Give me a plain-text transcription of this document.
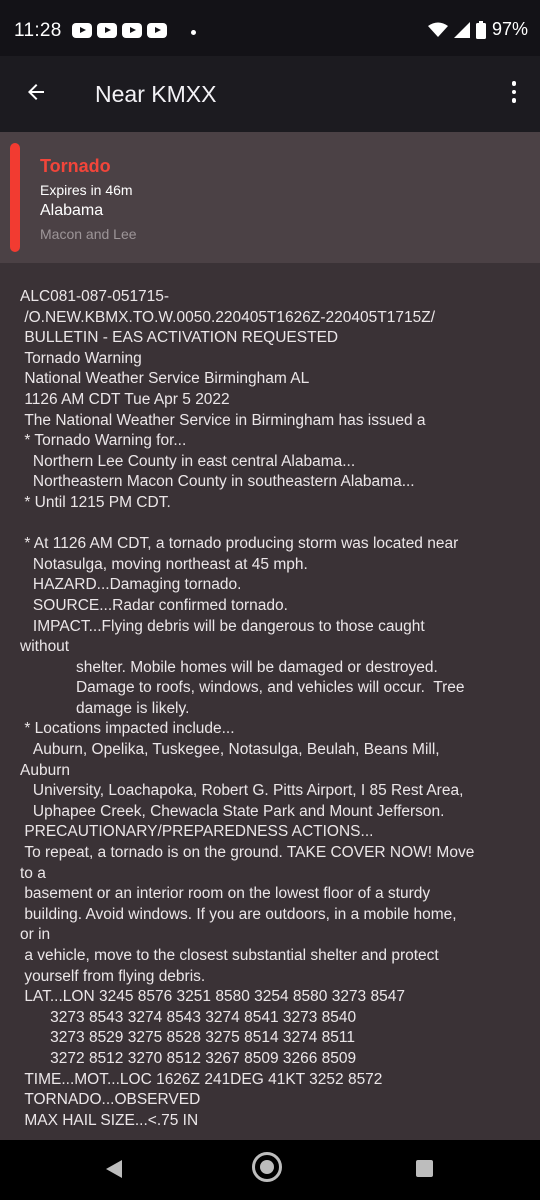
11:28	97%
Near KMXX
Tornado
Expires in 46m
Alabama
Macon and Lee
ALC081-087-051715-
/O.NEW.KBMX.TO.W.0050.220405T1626Z-220405T1715Z/
BULLETIN - EAS ACTIVATION REQUESTED
Tornado Warning
National Weather Service Birmingham AL
1126 AM CDT Tue Apr 5 2022
The National Weather Service in Birmingham has issued a
* Tornado Warning for...
Northern Lee County in east central Alabama...
Northeastern Macon County in southeastern Alabama...
* Until 1215 PM CDT.

* At 1126 AM CDT, a tornado producing storm was located near
Notasulga, moving northeast at 45 mph.
HAZARD...Damaging tornado.
SOURCE...Radar confirmed tornado.
IMPACT...Flying debris will be dangerous to those caught
without
shelter. Mobile homes will be damaged or destroyed.
Damage to roofs, windows, and vehicles will occur.  Tree
damage is likely.
* Locations impacted include...
Auburn, Opelika, Tuskegee, Notasulga, Beulah, Beans Mill,
Auburn
University, Loachapoka, Robert G. Pitts Airport, I 85 Rest Area,
Uphapee Creek, Chewacla State Park and Mount Jefferson.
PRECAUTIONARY/PREPAREDNESS ACTIONS...
To repeat, a tornado is on the ground. TAKE COVER NOW! Move
to a
basement or an interior room on the lowest floor of a sturdy
building. Avoid windows. If you are outdoors, in a mobile home,
or in
a vehicle, move to the closest substantial shelter and protect
yourself from flying debris.
LAT...LON 3245 8576 3251 8580 3254 8580 3273 8547
3273 8543 3274 8543 3274 8541 3273 8540
3273 8529 3275 8528 3275 8514 3274 8511
3272 8512 3270 8512 3267 8509 3266 8509
TIME...MOT...LOC 1626Z 241DEG 41KT 3252 8572
TORNADO...OBSERVED
MAX HAIL SIZE...<.75 IN
